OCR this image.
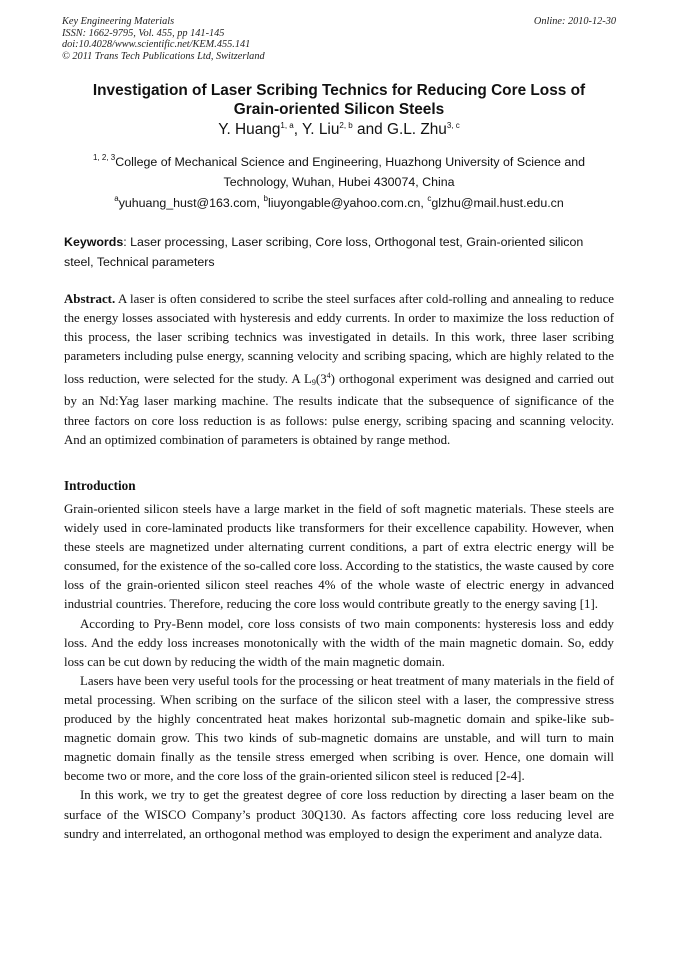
Key Engineering Materials
ISSN: 1662-9795, Vol. 455, pp 141-145
doi:10.4028/www.scientific.net/KEM.455.141
© 2011 Trans Tech Publications Ltd, Switzerland
Online: 2010-12-30
Investigation of Laser Scribing Technics for Reducing Core Loss of
Grain-oriented Silicon Steels
Y. Huang$^{1, a}$, Y. Liu$^{2, b}$ and G.L. Zhu$^{3, c}$
$^{1, 2, 3}$College of Mechanical Science and Engineering, Huazhong University of Science and
Technology, Wuhan, Hubei 430074, China
$^a$yuhuang_hust@163.com, $^b$liuyongable@yahoo.com.cn, $^c$glzhu@mail.hust.edu.cn
Keywords: Laser processing, Laser scribing, Core loss, Orthogonal test, Grain-oriented silicon steel, Technical parameters

Abstract. A laser is often considered to scribe the steel surfaces after cold-rolling and annealing to reduce the energy losses associated with hysteresis and eddy currents. In order to maximize the loss reduction of this process, the laser scribing technics was investigated in details. In this work, three laser scribing parameters including pulse energy, scanning velocity and scribing spacing, which are highly related to the loss reduction, were selected for the study. A $L_9(3^4)$ orthogonal experiment was designed and carried out by an Nd:Yag laser marking machine. The results indicate that the subsequence of significance of the three factors on core loss reduction is as follows: pulse energy, scribing spacing and scanning velocity. And an optimized combination of parameters is obtained by range method.

Introduction

Grain-oriented silicon steels have a large market in the field of soft magnetic materials. These steels are widely used in core-laminated products like transformers for their excellence capability. However, when these steels are magnetized under alternating current conditions, a part of extra electric energy will be consumed, for the existence of the so-called core loss. According to the statistics, the waste caused by core loss of the grain-oriented silicon steel reaches 4% of the whole waste of electric energy in advanced industrial countries. Therefore, reducing the core loss would contribute greatly to the energy saving [1].

According to Pry-Benn model, core loss consists of two main components: hysteresis loss and eddy loss. And the eddy loss increases monotonically with the width of the main magnetic domain. So, eddy loss can be cut down by reducing the width of the main magnetic domain.

Lasers have been very useful tools for the processing or heat treatment of many materials in the field of metal processing. When scribing on the surface of the silicon steel with a laser, the compressive stress produced by the highly concentrated heat makes horizontal sub-magnetic domain and spike-like sub-magnetic domain grow. This two kinds of sub-magnetic domains are unstable, and will turn to main magnetic domain finally as the tensile stress emerged when scribing is over. Hence, one domain will become two or more, and the core loss of the grain-oriented silicon steel is reduced [2-4].

In this work, we try to get the greatest degree of core loss reduction by directing a laser beam on the surface of the WISCO Company’s product 30Q130. As factors affecting core loss reducing level are sundry and interrelated, an orthogonal method was employed to design the experiment and analyze data.
